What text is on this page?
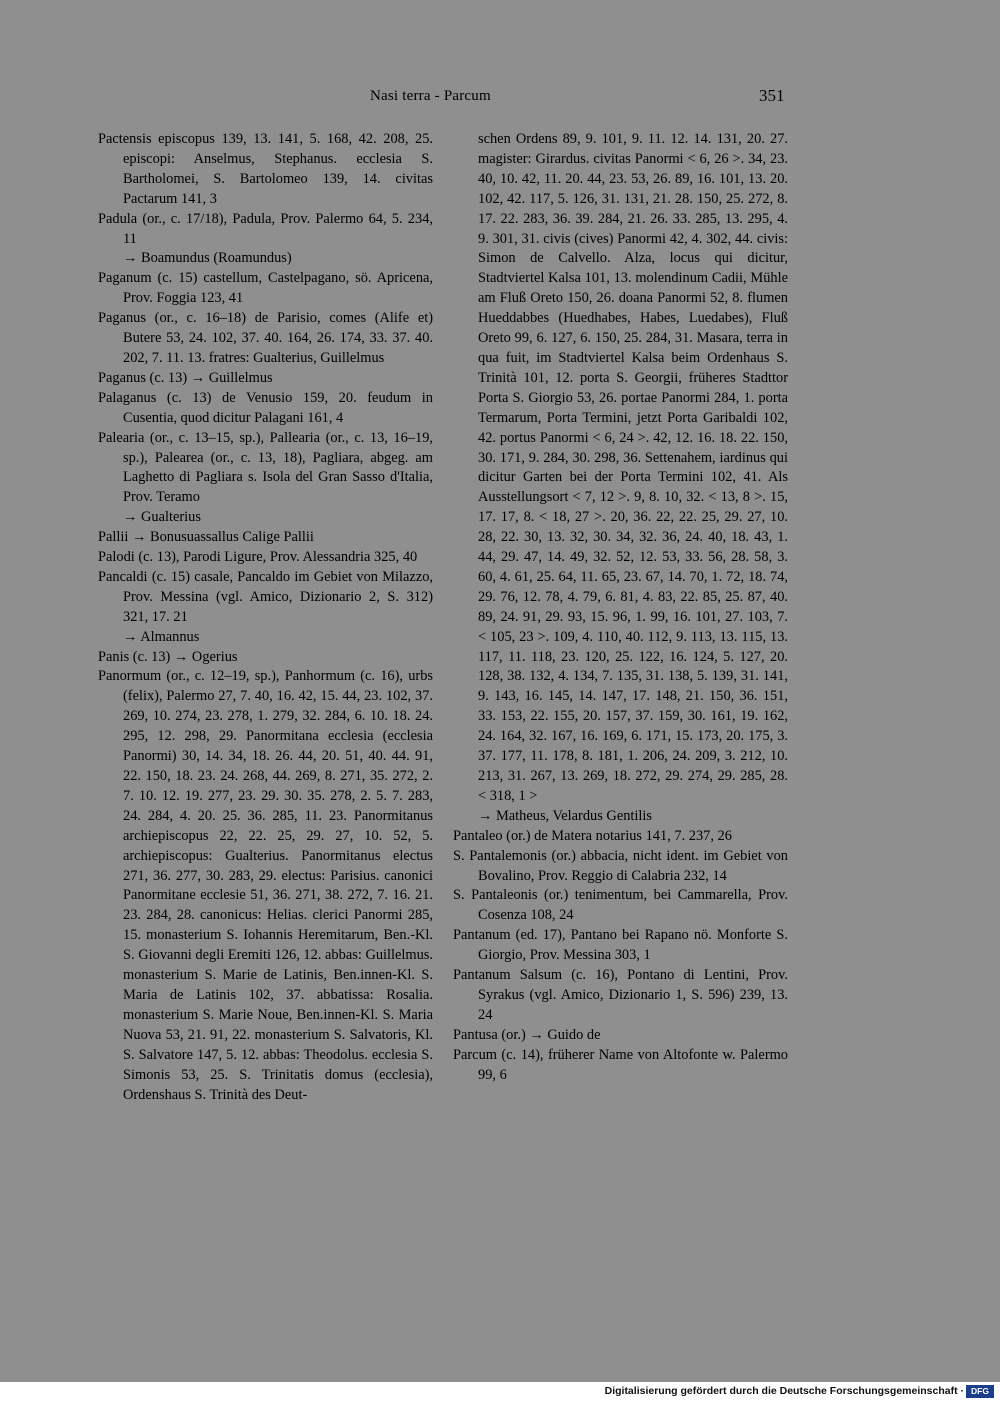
Nasi terra - Parcum	351

Pactensis episcopus 139, 13. 141, 5. 168, 42. 208, 25. episcopi: Anselmus, Stephanus. ecclesia S. Bartholomei, S. Bartolomeo 139, 14. civitas Pactarum 141, 3

Padula (or., c. 17/18), Padula, Prov. Palermo 64, 5. 234, 11

→ Boamundus (Roamundus)

Paganum (c. 15) castellum, Castelpagano, sö. Apricena, Prov. Foggia 123, 41

Paganus (or., c. 16–18) de Parisio, comes (Alife et) Butere 53, 24. 102, 37. 40. 164, 26. 174, 33. 37. 40. 202, 7. 11. 13. fratres: Gualterius, Guillelmus

Paganus (c. 13) → Guillelmus

Palaganus (c. 13) de Venusio 159, 20. feudum in Cusentia, quod dicitur Palagani 161, 4

Palearia (or., c. 13–15, sp.), Pallearia (or., c. 13, 16–19, sp.), Palearea (or., c. 13, 18), Pagliara, abgeg. am Laghetto di Pagliara s. Isola del Gran Sasso d'Italia, Prov. Teramo

→ Gualterius

Pallii → Bonusuassallus Calige Pallii

Palodi (c. 13), Parodi Ligure, Prov. Alessandria 325, 40

Pancaldi (c. 15) casale, Pancaldo im Gebiet von Milazzo, Prov. Messina (vgl. Amico, Dizionario 2, S. 312) 321, 17. 21

→ Almannus

Panis (c. 13) → Ogerius

Panormum (or., c. 12–19, sp.), Panhormum (c. 16), urbs (felix), Palermo 27, 7. 40, 16. 42, 15. 44, 23. 102, 37. 269, 10. 274, 23. 278, 1. 279, 32. 284, 6. 10. 18. 24. 295, 12. 298, 29. Panormitana ecclesia (ecclesia Panormi) 30, 14. 34, 18. 26. 44, 20. 51, 40. 44. 91, 22. 150, 18. 23. 24. 268, 44. 269, 8. 271, 35. 272, 2. 7. 10. 12. 19. 277, 23. 29. 30. 35. 278, 2. 5. 7. 283, 24. 284, 4. 20. 25. 36. 285, 11. 23. Panormitanus archiepiscopus 22, 22. 25, 29. 27, 10. 52, 5. archiepiscopus: Gualterius. Panormitanus electus 271, 36. 277, 30. 283, 29. electus: Parisius. canonici Panormitane ecclesie 51, 36. 271, 38. 272, 7. 16. 21. 23. 284, 28. canonicus: Helias. clerici Panormi 285, 15. monasterium S. Iohannis Heremitarum, Ben.-Kl. S. Giovanni degli Eremiti 126, 12. abbas: Guillelmus. monasterium S. Marie de Latinis, Ben.innen-Kl. S. Maria de Latinis 102, 37. abbatissa: Rosalia. monasterium S. Marie Noue, Ben.innen-Kl. S. Maria Nuova 53, 21. 91, 22. monasterium S. Salvatoris, Kl. S. Salvatore 147, 5. 12. abbas: Theodolus. ecclesia S. Simonis 53, 25. S. Trinitatis domus (ecclesia), Ordenshaus S. Trinità des Deut-

schen Ordens 89, 9. 101, 9. 11. 12. 14. 131, 20. 27. magister: Girardus. civitas Panormi < 6, 26 >. 34, 23. 40, 10. 42, 11. 20. 44, 23. 53, 26. 89, 16. 101, 13. 20. 102, 42. 117, 5. 126, 31. 131, 21. 28. 150, 25. 272, 8. 17. 22. 283, 36. 39. 284, 21. 26. 33. 285, 13. 295, 4. 9. 301, 31. civis (cives) Panormi 42, 4. 302, 44. civis: Simon de Calvello. Alza, locus qui dicitur, Stadtviertel Kalsa 101, 13. molendinum Cadii, Mühle am Fluß Oreto 150, 26. doana Panormi 52, 8. flumen Hueddabbes (Huedhabes, Habes, Luedabes), Fluß Oreto 99, 6. 127, 6. 150, 25. 284, 31. Masara, terra in qua fuit, im Stadtviertel Kalsa beim Ordenhaus S. Trinità 101, 12. porta S. Georgii, früheres Stadttor Porta S. Giorgio 53, 26. portae Panormi 284, 1. porta Termarum, Porta Termini, jetzt Porta Garibaldi 102, 42. portus Panormi < 6, 24 >. 42, 12. 16. 18. 22. 150, 30. 171, 9. 284, 30. 298, 36. Settenahem, iardinus qui dicitur Garten bei der Porta Termini 102, 41. Als Ausstellungsort < 7, 12 >. 9, 8. 10, 32. < 13, 8 >. 15, 17. 17, 8. < 18, 27 >. 20, 36. 22, 22. 25, 29. 27, 10. 28, 22. 30, 13. 32, 30. 34, 32. 36, 24. 40, 18. 43, 1. 44, 29. 47, 14. 49, 32. 52, 12. 53, 33. 56, 28. 58, 3. 60, 4. 61, 25. 64, 11. 65, 23. 67, 14. 70, 1. 72, 18. 74, 29. 76, 12. 78, 4. 79, 6. 81, 4. 83, 22. 85, 25. 87, 40. 89, 24. 91, 29. 93, 15. 96, 1. 99, 16. 101, 27. 103, 7. < 105, 23 >. 109, 4. 110, 40. 112, 9. 113, 13. 115, 13. 117, 11. 118, 23. 120, 25. 122, 16. 124, 5. 127, 20. 128, 38. 132, 4. 134, 7. 135, 31. 138, 5. 139, 31. 141, 9. 143, 16. 145, 14. 147, 17. 148, 21. 150, 36. 151, 33. 153, 22. 155, 20. 157, 37. 159, 30. 161, 19. 162, 24. 164, 32. 167, 16. 169, 6. 171, 15. 173, 20. 175, 3. 37. 177, 11. 178, 8. 181, 1. 206, 24. 209, 3. 212, 10. 213, 31. 267, 13. 269, 18. 272, 29. 274, 29. 285, 28. < 318, 1 >

→ Matheus, Velardus Gentilis

Pantaleo (or.) de Matera notarius 141, 7. 237, 26

S. Pantalemonis (or.) abbacia, nicht ident. im Gebiet von Bovalino, Prov. Reggio di Calabria 232, 14

S. Pantaleonis (or.) tenimentum, bei Cammarella, Prov. Cosenza 108, 24

Pantanum (ed. 17), Pantano bei Rapano nö. Monforte S. Giorgio, Prov. Messina 303, 1

Pantanum Salsum (c. 16), Pontano di Lentini, Prov. Syrakus (vgl. Amico, Dizionario 1, S. 596) 239, 13. 24

Pantusa (or.) → Guido de

Parcum (c. 14), früherer Name von Altofonte w. Palermo 99, 6

Digitalisierung gefördert durch die Deutsche Forschungsgemeinschaft · DFG
